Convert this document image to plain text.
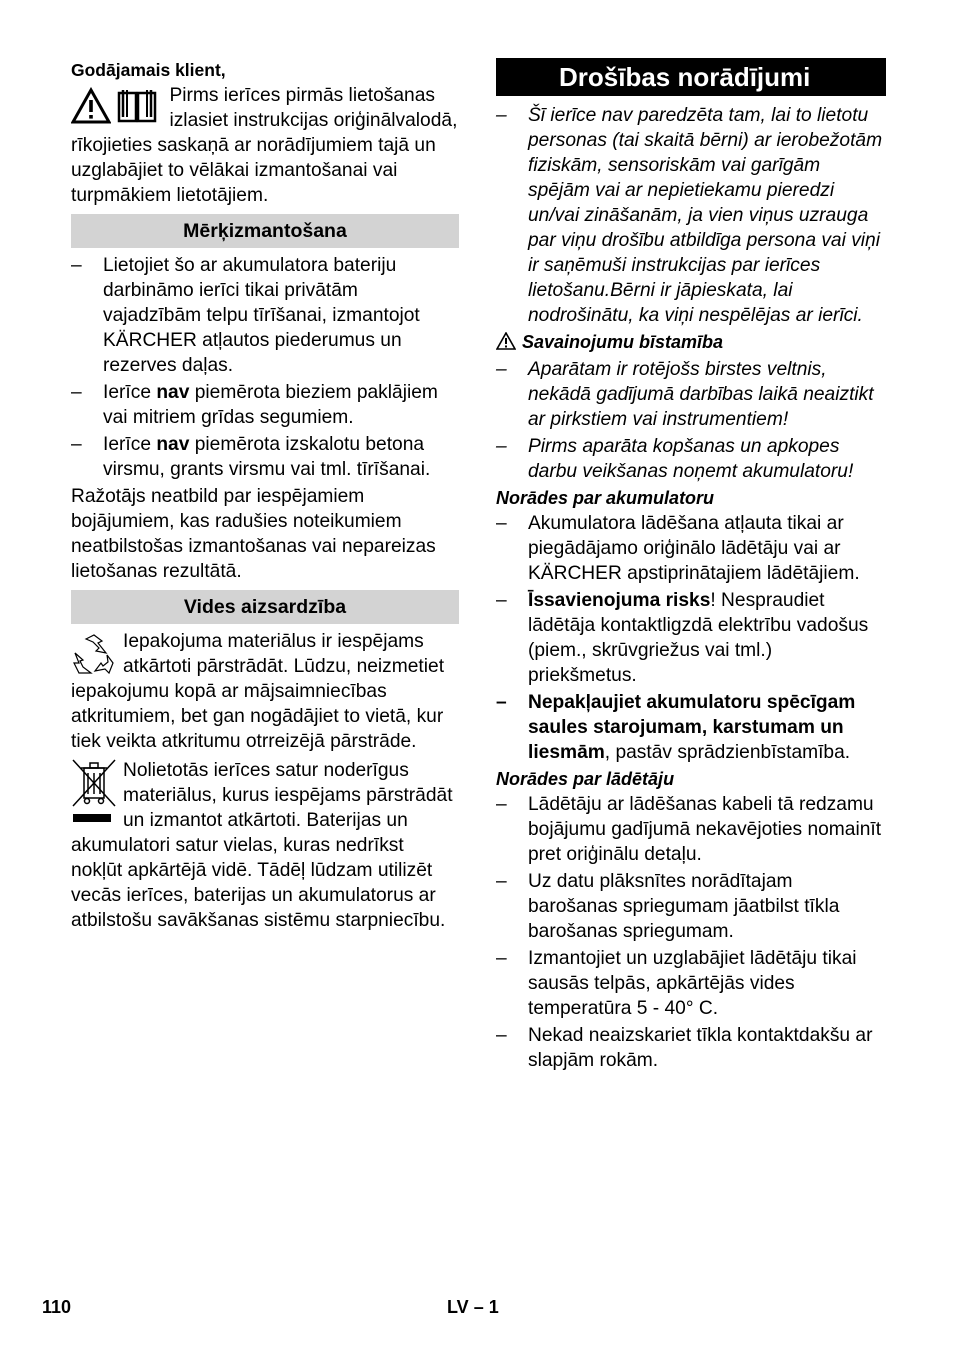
Godājamais klient,

Pirms ierīces pirmās lietošanas izlasiet instrukcijas oriģinālvalodā, rīkojieties saskaņā ar norādījumiem tajā un uzglabājiet to vēlākai izmantošanai vai turpmākiem lietotājiem.

Mērķizmantošana
–	Lietojiet šo ar akumulatora bateriju darbināmo ierīci tikai privātām vajadzībām telpu tīrīšanai, izmantojot KÄRCHER atļautos piederumus un rezerves daļas.
–	Ierīce nav piemērota bieziem paklājiem vai mitriem grīdas segumiem.
–	Ierīce nav piemērota izskalotu betona virsmu, grants virsmu vai tml. tīrīšanai.

Ražotājs neatbild par iespējamiem bojājumiem, kas radušies noteikumiem neatbilstošas izmantošanas vai nepareizas lietošanas rezultātā.

Vides aizsardzība

Iepakojuma materiālus ir iespējams atkārtoti pārstrādāt. Lūdzu, neizmetiet iepakojumu kopā ar mājsaimniecības atkritumiem, bet gan nogādājiet to vietā, kur tiek veikta atkritumu otrreizējā pārstrāde.

Nolietotās ierīces satur noderīgus materiālus, kurus iespējams pārstrādāt un izmantot atkārtoti. Baterijas un akumulatori satur vielas, kuras nedrīkst nokļūt apkārtējā vidē. Tādēļ lūdzam utilizēt vecās ierīces, baterijas un akumulatorus ar atbilstošu savākšanas sistēmu starpniecību.

Drošības norādījumi
–	Šī ierīce nav paredzēta tam, lai to lietotu personas (tai skaitā bērni) ar ierobežotām fiziskām, sensoriskām vai garīgām spējām vai ar nepietiekamu pieredzi un/vai zināšanām, ja vien viņus uzrauga par viņu drošību atbildīga persona vai viņi ir saņēmuši instrukcijas par ierīces lietošanu.Bērni ir jāpieskata, lai nodrošinātu, ka viņi nespēlējas ar ierīci.
Savainojumu bīstamība
–	Aparātam ir rotējošs birstes veltnis, nekādā gadījumā darbības laikā neaiztikt ar pirkstiem vai instrumentiem!
–	Pirms aparāta kopšanas un apkopes darbu veikšanas noņemt akumulatoru!
Norādes par akumulatoru
–	Akumulatora lādēšana atļauta tikai ar piegādājamo oriģinālo lādētāju vai ar KÄRCHER apstiprinātajiem lādētājiem.
–	Īssavienojuma risks! Nespraudiet lādētāja kontaktligzdā elektrību vadošus (piem., skrūvgriežus vai tml.) priekšmetus.
–	Nepakļaujiet akumulatoru spēcīgam saules starojumam, karstumam un liesmām, pastāv sprādzienbīstamība.
Norādes par lādētāju
–	Lādētāju ar lādēšanas kabeli tā redzamu bojājumu gadījumā nekavējoties nomainīt pret oriģinālu detaļu.
–	Uz datu plāksnītes norādītajam barošanas spriegumam jāatbilst tīkla barošanas spriegumam.
–	Izmantojiet un uzglabājiet lādētāju tikai sausās telpās, apkārtējās vides temperatūra 5 - 40° C.
–	Nekad neaizskariet tīkla kontaktdakšu ar slapjām rokām.
110	LV – 1
